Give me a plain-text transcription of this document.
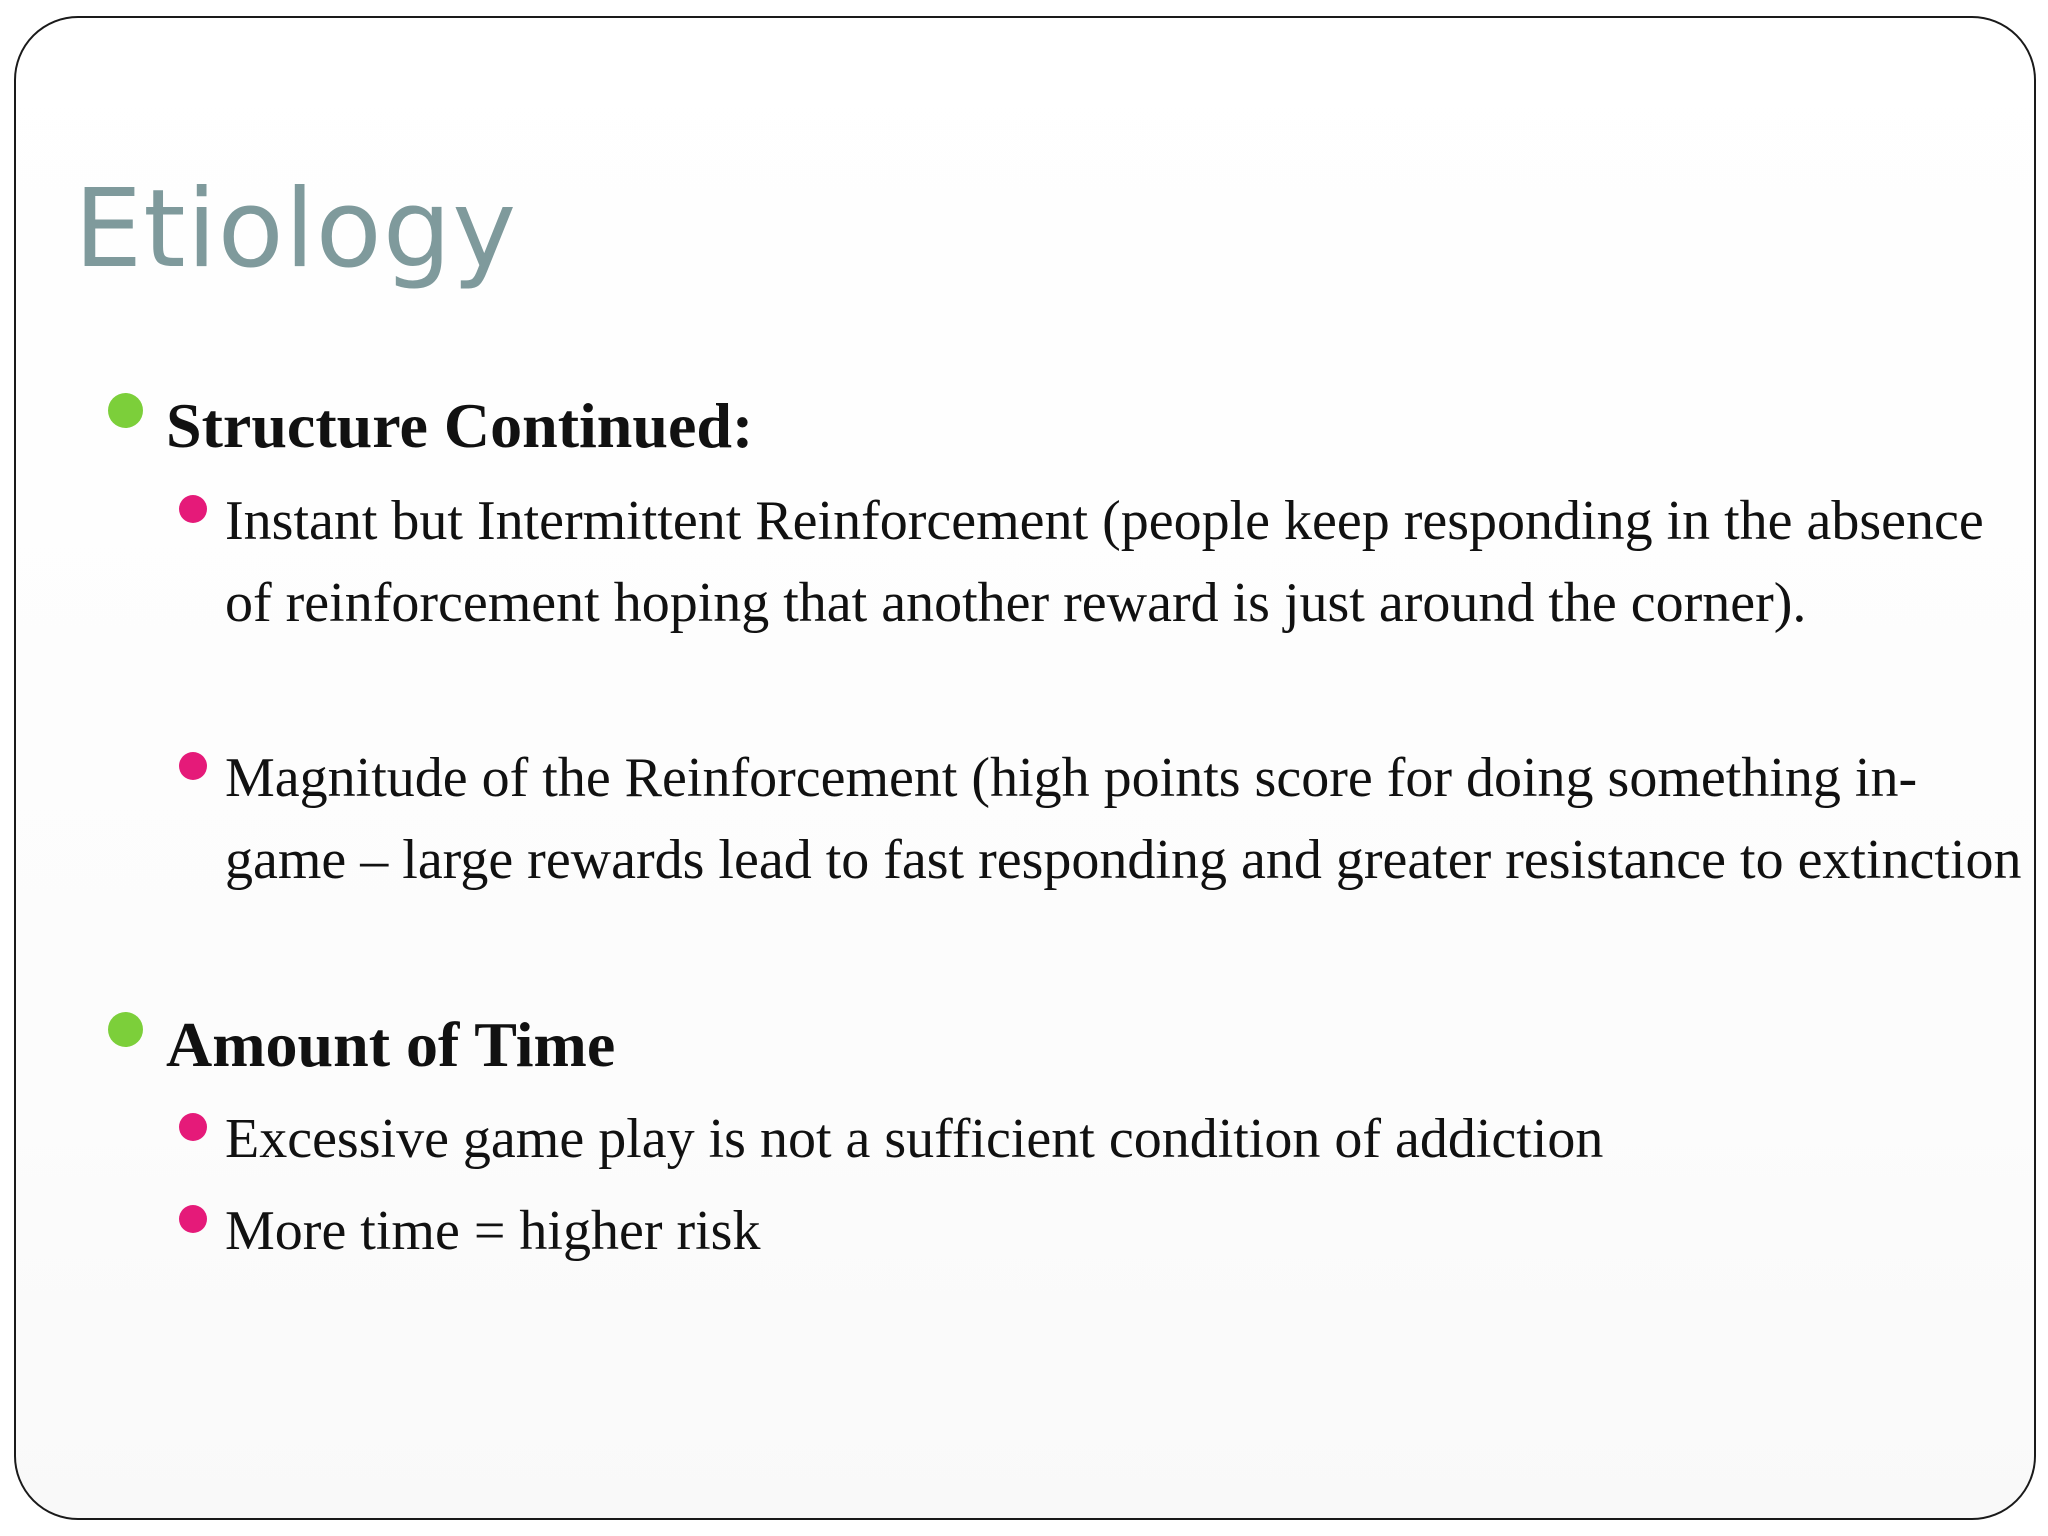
Etiology

Structure Continued:

Instant but Intermittent Reinforcement (people keep responding in the absence of reinforcement hoping that another reward is just around the corner).

Magnitude of the Reinforcement (high points score for doing something in-game – large rewards lead to fast responding and greater resistance to extinction

Amount of Time

Excessive game play is not a sufficient condition of addiction

More time = higher risk
